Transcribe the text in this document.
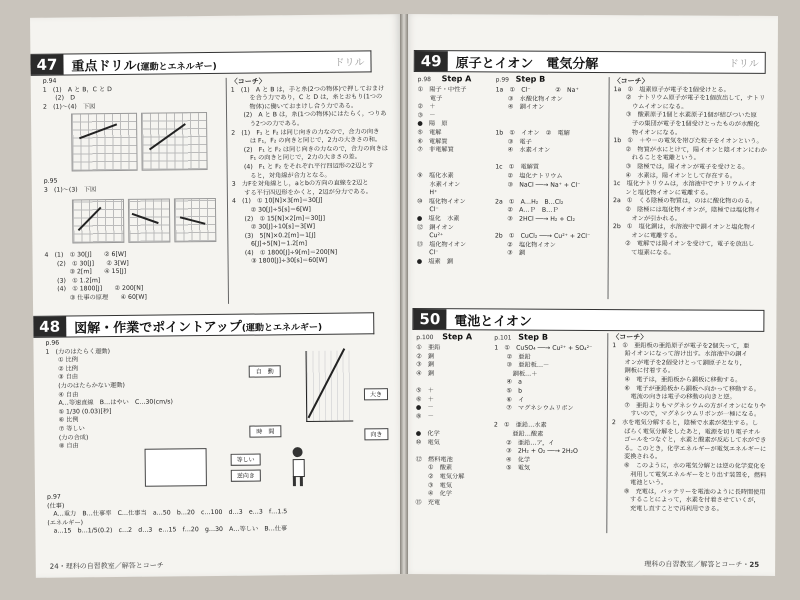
47	重点ドリル(運動とエネルギー)	ドリル
p.94
1　(1)　A と B，C と D
　　(2)　D
2　(1)～(4)　下図
p.95
3　(1)～(3)　下図
4　(1)　① 30[J]　　② 6[W]
　　(2)　① 30[J]　　② 3[W]
　　　　③ 2[m]　　④ 15[J]
　　(3)　① 1.2[m]
　　(4)　① 1800[J]　　② 200[N]
　　　　③ 仕事の原理　　④ 60[W]
〈コーチ〉
1　(1)　A と B は，手と糸(2つの物体)で押しておまけ
　　　を合う力であり，C と D は，糸とおもり(1つの
　　　物体)に働いておまけし合う力である。
　　(2)　A と B は，糸(1つの物体)にはたらく，つりあ
　　　う2つの力である。
2　(1)　F₁ と F₂ は同じ向きの力なので，合力の向き
　　　は F₁，F₂ の向きと同じで，2力の大きさの和。
　　(2)　F₁ と F₂ は同じ向きの力なので，合力の向きは
　　　F₁ の向きと同じで，2力の大きさの差。
　　(4)　F₁ と F₂ をそれぞれ平行四辺形の2辺とす
　　　ると，対角線が合力となる。
3　力Fを対角線とし，aとbの方向の直線を2辺と
　　する平行四辺形をかくと，2辺が分力である。
4　(1)　① 10[N]×3[m]＝30[J]
　　　② 30[J]÷5[s]＝6[W]
　　(2)　① 15[N]×2[m]＝30[J]
　　　② 30[J]÷10[s]＝3[W]
　　(3)　5[N]×0.2[m]＝1[J]
　　　6[J]÷5[N]＝1.2[m]
　　(4)　① 1800[J]÷9[m]＝200[N]
　　　③ 1800[J]÷30[s]＝60[W]
48	図解・作業でポイントアップ(運動とエネルギー)
p.96
1　(力のはたらく運動)
　　① 比例
　　② 比例
　　③ 自由
　　(力のはたらかない運動)
　　④ 自由
　　A…等速直線　B…はやい　C…30(cm/s)
　　⑤ 1/30 (0.03)[秒]
　　⑥ 比例
　　⑦ 等しい
　　(力の合成)
　　⑧ 自由
自　動
時　間
大き
向き
等しい
逆向き
p.97
(仕事)
　A…重力　B…仕事率　C…仕事当　a…50　b…20　c…100　d…3　e…3　f…1.5
(エネルギー)
　a…15　b…1/5(0.2)　c…2　d…3　e…15　f…20　g…30　A…等しい　B…仕事
24・理科の自習教室／解答とコーチ
49	原子とイオン　電気分解	ドリル
p.98 Step A	p.99 Step B
①　陽子・中性子
　　電子
②　＋
③　－
●　陽　原
⑤　電解
⑥　電解質
⑦　非電解質

⑨　塩化水素
　　水素イオン
　　H⁺
⑩　塩化物イオン
　　Cl⁻
●　塩化　水素
⑫　銅イオン
　　Cu²⁺
⑬　塩化物イオン
　　Cl⁻
●　塩素　銅
1a　①　Cl⁻　　　　②　Na⁺
　　③　水酸化物イオン
　　④　銅イオン

1b　①　イオン　②　電解
　　③　電子
　　④　水素イオン

1c　①　電解質
　　②　塩化ナトリウム
　　③　NaCl ──→ Na⁺ + Cl⁻

2a　①　A…H₂　B…Cl₂
　　②　A…Ｐ　B…Ｐ
　　③　2HCl ──→ H₂ + Cl₂

2b　①　CuCl₂ ──→ Cu²⁺ + 2Cl⁻
　　②　塩化物イオン
　　③　銅
〈コーチ〉
1a　①　塩素原子が電子を1個受けとる。
　　②　ナトリウム原子が電子を1個放出して，ナトリ
　　　ウムイオンになる。
　　③　酸素原子1個と水素原子1個が結びついた原
　　　子の集団が電子を1個受けとったものが水酸化
　　　物イオンになる。
1b　①　＋や－の電気を帯びた粒子をイオンという。
　　②　物質が水にとけて，陽イオンと陰イオンにわか
　　　れることを電離という。
　　③　陰極では，陽イオンが電子を受けとる。
　　④　水素は，陽イオンとして存在する。
1c　塩化ナトリウムは，水溶液中でナトリウムイオ
　　ンと塩化物イオンに電離する。
2a　①　くる陰極の物質は，のはに酸化物ののる。
　　②　陰極には塩化物イオンが，陰極では塩化物イ
　　　オンが引かれる。
2b　①　塩化銅は，水溶液中で銅イオンと塩化物イ
　　　オンに電離する。
　　②　電解では陽イオンを受けて，電子を放出し
　　　て塩素になる。
50	電池とイオン
p.100 Step A	p.101 Step B
①　亜鉛
②　銅
③　銅
④　銅

⑤　＋
⑥　＋
●　－
⑧　－

●　化学
⑩　電気

⑫　燃料電池
　　①　酸素
　　②　電気分解
　　③　電気
　　④　化学
⑮　充電
1　①　CuSO₄ ──→ Cu²⁺ + SO₄²⁻
　　②　亜鉛
　　③　亜鉛板…－
　　　銅板…＋
　　④　a
　　⑤　b
　　⑥　イ
　　⑦　マグネシウムリボン

2　①　亜鉛…水素
　　　亜鉛…酸素
　　②　亜鉛…ア，イ
　　③　2H₂ + O₂ ──→ 2H₂O
　　④　化学
　　⑤　電気
〈コーチ〉
1　①　亜鉛板の亜鉛原子が電子を2個失って，亜
　　鉛イオンになって溶け出す。水溶液中の銅イ
　　オンが電子を2個受けとって銅原子となり，
　　銅板に付着する。
　　④　電子は，亜鉛板から銅板に移動する。
　　⑥　電子が亜鉛板から銅板へ向かって移動する。
　　　電流の向きは電子の移動の向きと逆。
　　⑦　亜鉛よりもマグネシウムの方がイオンになりや
　　　すいので，マグネシウムリボンが一極になる。
2　水を電気分解すると，陰極で水素が発生する。し
　　ばらく電気分解をしたあと，電源を切り電子オル
　　ゴールをつなぐと，水素と酸素が反応して水ができ
　　る。このとき，化学エネルギーが電気エネルギーに
　　変換される。
　　⑥　このように，水の電気分解とは逆の化学変化を
　　　利用して電気エネルギーをとり出す装置を，燃料
　　　電池という。
　　⑧　充電は，バッテリーを電池のように長時間使用
　　　することによって，水素を付着させていくが，
　　　充電し直すことで再利用できる。
理科の自習教室／解答とコーチ・25
